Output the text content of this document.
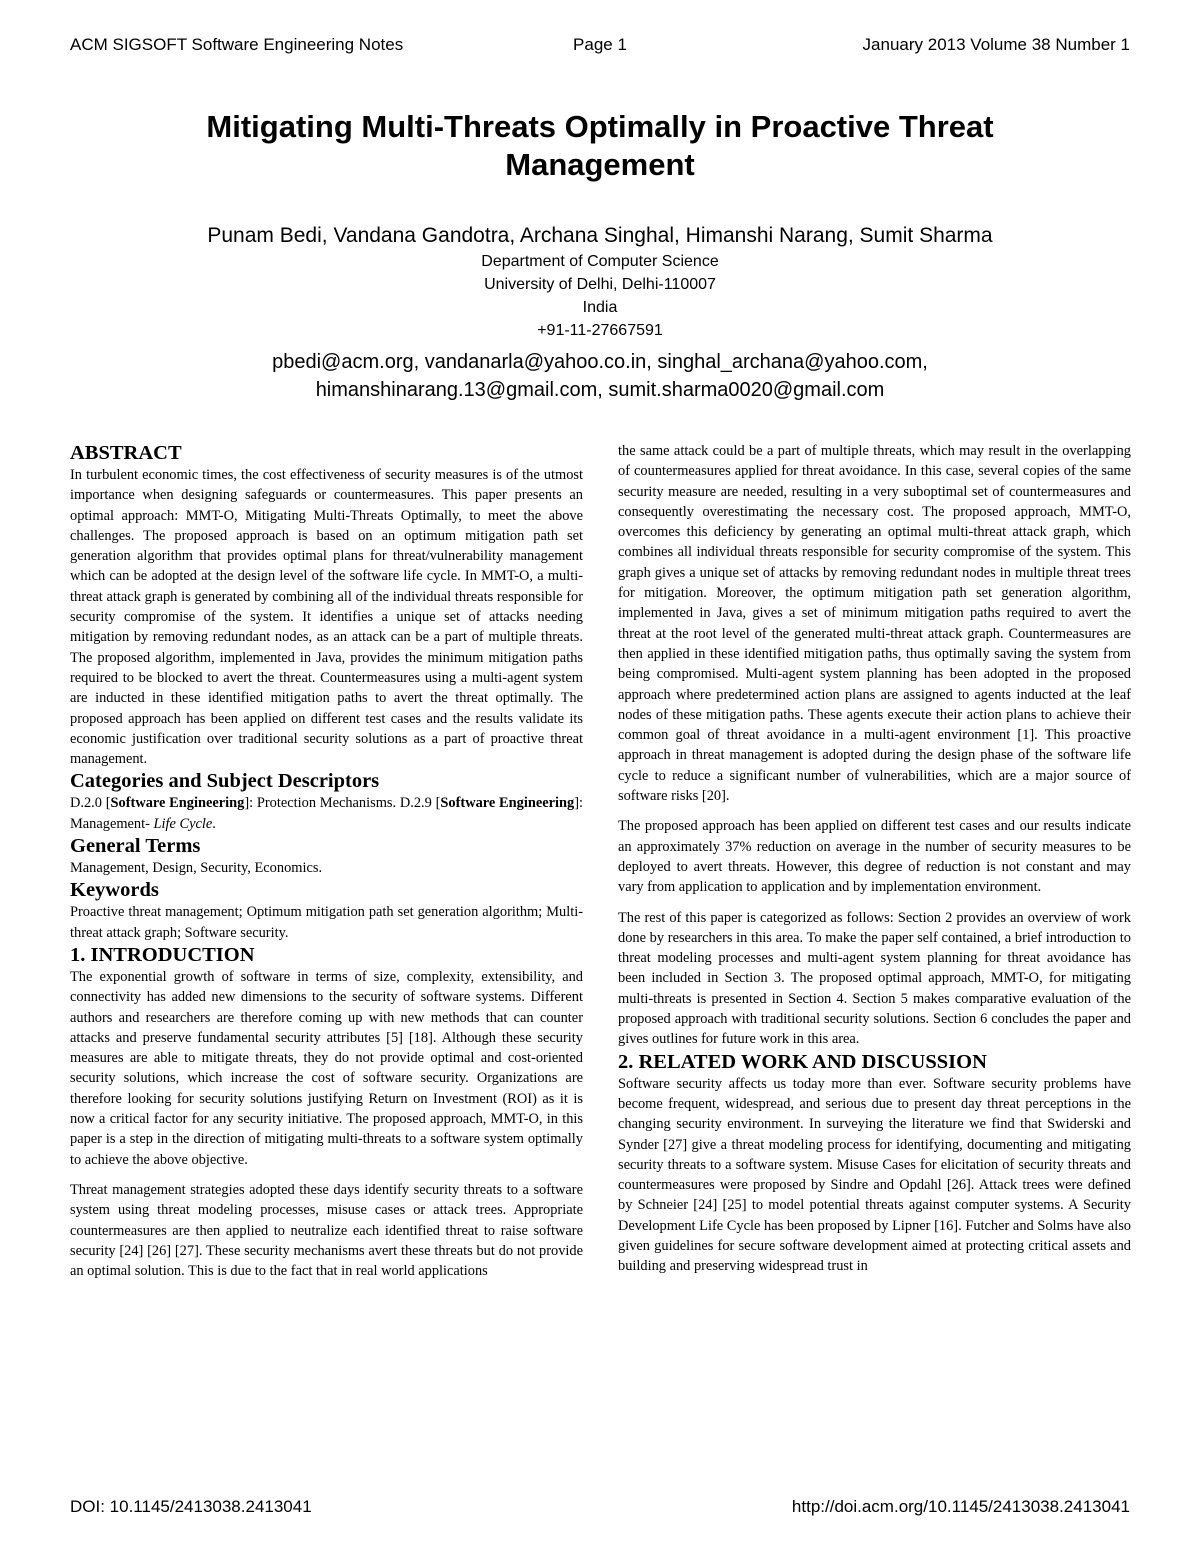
ACM SIGSOFT Software Engineering Notes	Page 1	January 2013 Volume 38 Number 1
Mitigating Multi-Threats Optimally in Proactive Threat
Management
Punam Bedi, Vandana Gandotra, Archana Singhal, Himanshi Narang, Sumit Sharma
Department of Computer Science
University of Delhi, Delhi-110007
India
+91-11-27667591
pbedi@acm.org, vandanarla@yahoo.co.in, singhal_archana@yahoo.com,
himanshinarang.13@gmail.com, sumit.sharma0020@gmail.com
ABSTRACT

In turbulent economic times, the cost effectiveness of security measures is of the utmost importance when designing safeguards or countermeasures. This paper presents an optimal approach: MMT-O, Mitigating Multi-Threats Optimally, to meet the above challenges. The proposed approach is based on an optimum mitigation path set generation algorithm that provides optimal plans for threat/vulnerability management which can be adopted at the design level of the software life cycle. In MMT-O, a multi-threat attack graph is generated by combining all of the individual threats responsible for security compromise of the system. It identifies a unique set of attacks needing mitigation by removing redundant nodes, as an attack can be a part of multiple threats. The proposed algorithm, implemented in Java, provides the minimum mitigation paths required to be blocked to avert the threat. Countermeasures using a multi-agent system are inducted in these identified mitigation paths to avert the threat optimally. The proposed approach has been applied on different test cases and the results validate its economic justification over traditional security solutions as a part of proactive threat management.

Categories and Subject Descriptors

D.2.0 [Software Engineering]: Protection Mechanisms. D.2.9 [Software Engineering]: Management- Life Cycle.

General Terms

Management, Design, Security, Economics.

Keywords

Proactive threat management; Optimum mitigation path set generation algorithm; Multi-threat attack graph; Software security.

1. INTRODUCTION

The exponential growth of software in terms of size, complexity, extensibility, and connectivity has added new dimensions to the security of software systems. Different authors and researchers are therefore coming up with new methods that can counter attacks and preserve fundamental security attributes [5] [18]. Although these security measures are able to mitigate threats, they do not provide optimal and cost-oriented security solutions, which increase the cost of software security. Organizations are therefore looking for security solutions justifying Return on Investment (ROI) as it is now a critical factor for any security initiative. The proposed approach, MMT-O, in this paper is a step in the direction of mitigating multi-threats to a software system optimally to achieve the above objective.

Threat management strategies adopted these days identify security threats to a software system using threat modeling processes, misuse cases or attack trees. Appropriate countermeasures are then applied to neutralize each identified threat to raise software security [24] [26] [27]. These security mechanisms avert these threats but do not provide an optimal solution. This is due to the fact that in real world applications

the same attack could be a part of multiple threats, which may result in the overlapping of countermeasures applied for threat avoidance. In this case, several copies of the same security measure are needed, resulting in a very suboptimal set of countermeasures and consequently overestimating the necessary cost. The proposed approach, MMT-O, overcomes this deficiency by generating an optimal multi-threat attack graph, which combines all individual threats responsible for security compromise of the system. This graph gives a unique set of attacks by removing redundant nodes in multiple threat trees for mitigation. Moreover, the optimum mitigation path set generation algorithm, implemented in Java, gives a set of minimum mitigation paths required to avert the threat at the root level of the generated multi-threat attack graph. Countermeasures are then applied in these identified mitigation paths, thus optimally saving the system from being compromised. Multi-agent system planning has been adopted in the proposed approach where predetermined action plans are assigned to agents inducted at the leaf nodes of these mitigation paths. These agents execute their action plans to achieve their common goal of threat avoidance in a multi-agent environment [1]. This proactive approach in threat management is adopted during the design phase of the software life cycle to reduce a significant number of vulnerabilities, which are a major source of software risks [20].

The proposed approach has been applied on different test cases and our results indicate an approximately 37% reduction on average in the number of security measures to be deployed to avert threats. However, this degree of reduction is not constant and may vary from application to application and by implementation environment.

The rest of this paper is categorized as follows: Section 2 provides an overview of work done by researchers in this area. To make the paper self contained, a brief introduction to threat modeling processes and multi-agent system planning for threat avoidance has been included in Section 3. The proposed optimal approach, MMT-O, for mitigating multi-threats is presented in Section 4. Section 5 makes comparative evaluation of the proposed approach with traditional security solutions. Section 6 concludes the paper and gives outlines for future work in this area.

2. RELATED WORK AND DISCUSSION

Software security affects us today more than ever. Software security problems have become frequent, widespread, and serious due to present day threat perceptions in the changing security environment. In surveying the literature we find that Swiderski and Synder [27] give a threat modeling process for identifying, documenting and mitigating security threats to a software system. Misuse Cases for elicitation of security threats and countermeasures were proposed by Sindre and Opdahl [26]. Attack trees were defined by Schneier [24] [25] to model potential threats against computer systems. A Security Development Life Cycle has been proposed by Lipner [16]. Futcher and Solms have also given guidelines for secure software development aimed at protecting critical assets and building and preserving widespread trust in

DOI: 10.1145/2413038.2413041	http://doi.acm.org/10.1145/2413038.2413041
